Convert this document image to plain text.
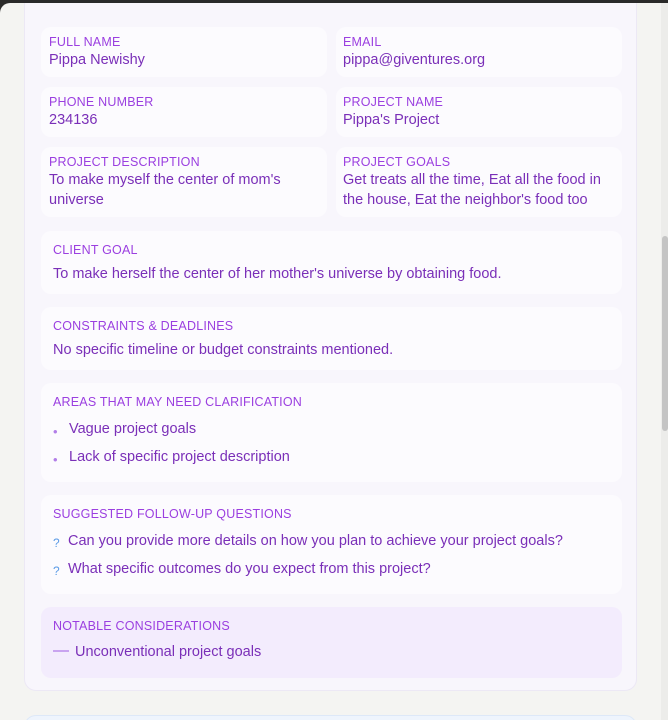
FULL NAME
Pippa Newishy
EMAIL
pippa@giventures.org
PHONE NUMBER
234136
PROJECT NAME
Pippa's Project
PROJECT DESCRIPTION
To make myself the center of mom's universe
PROJECT GOALS
Get treats all the time, Eat all the food in the house, Eat the neighbor's food too
CLIENT GOAL
To make herself the center of her mother's universe by obtaining food.
CONSTRAINTS & DEADLINES
No specific timeline or budget constraints mentioned.
AREAS THAT MAY NEED CLARIFICATION
• Vague project goals
• Lack of specific project description
SUGGESTED FOLLOW-UP QUESTIONS
? Can you provide more details on how you plan to achieve your project goals?
? What specific outcomes do you expect from this project?
NOTABLE CONSIDERATIONS
Unconventional project goals
